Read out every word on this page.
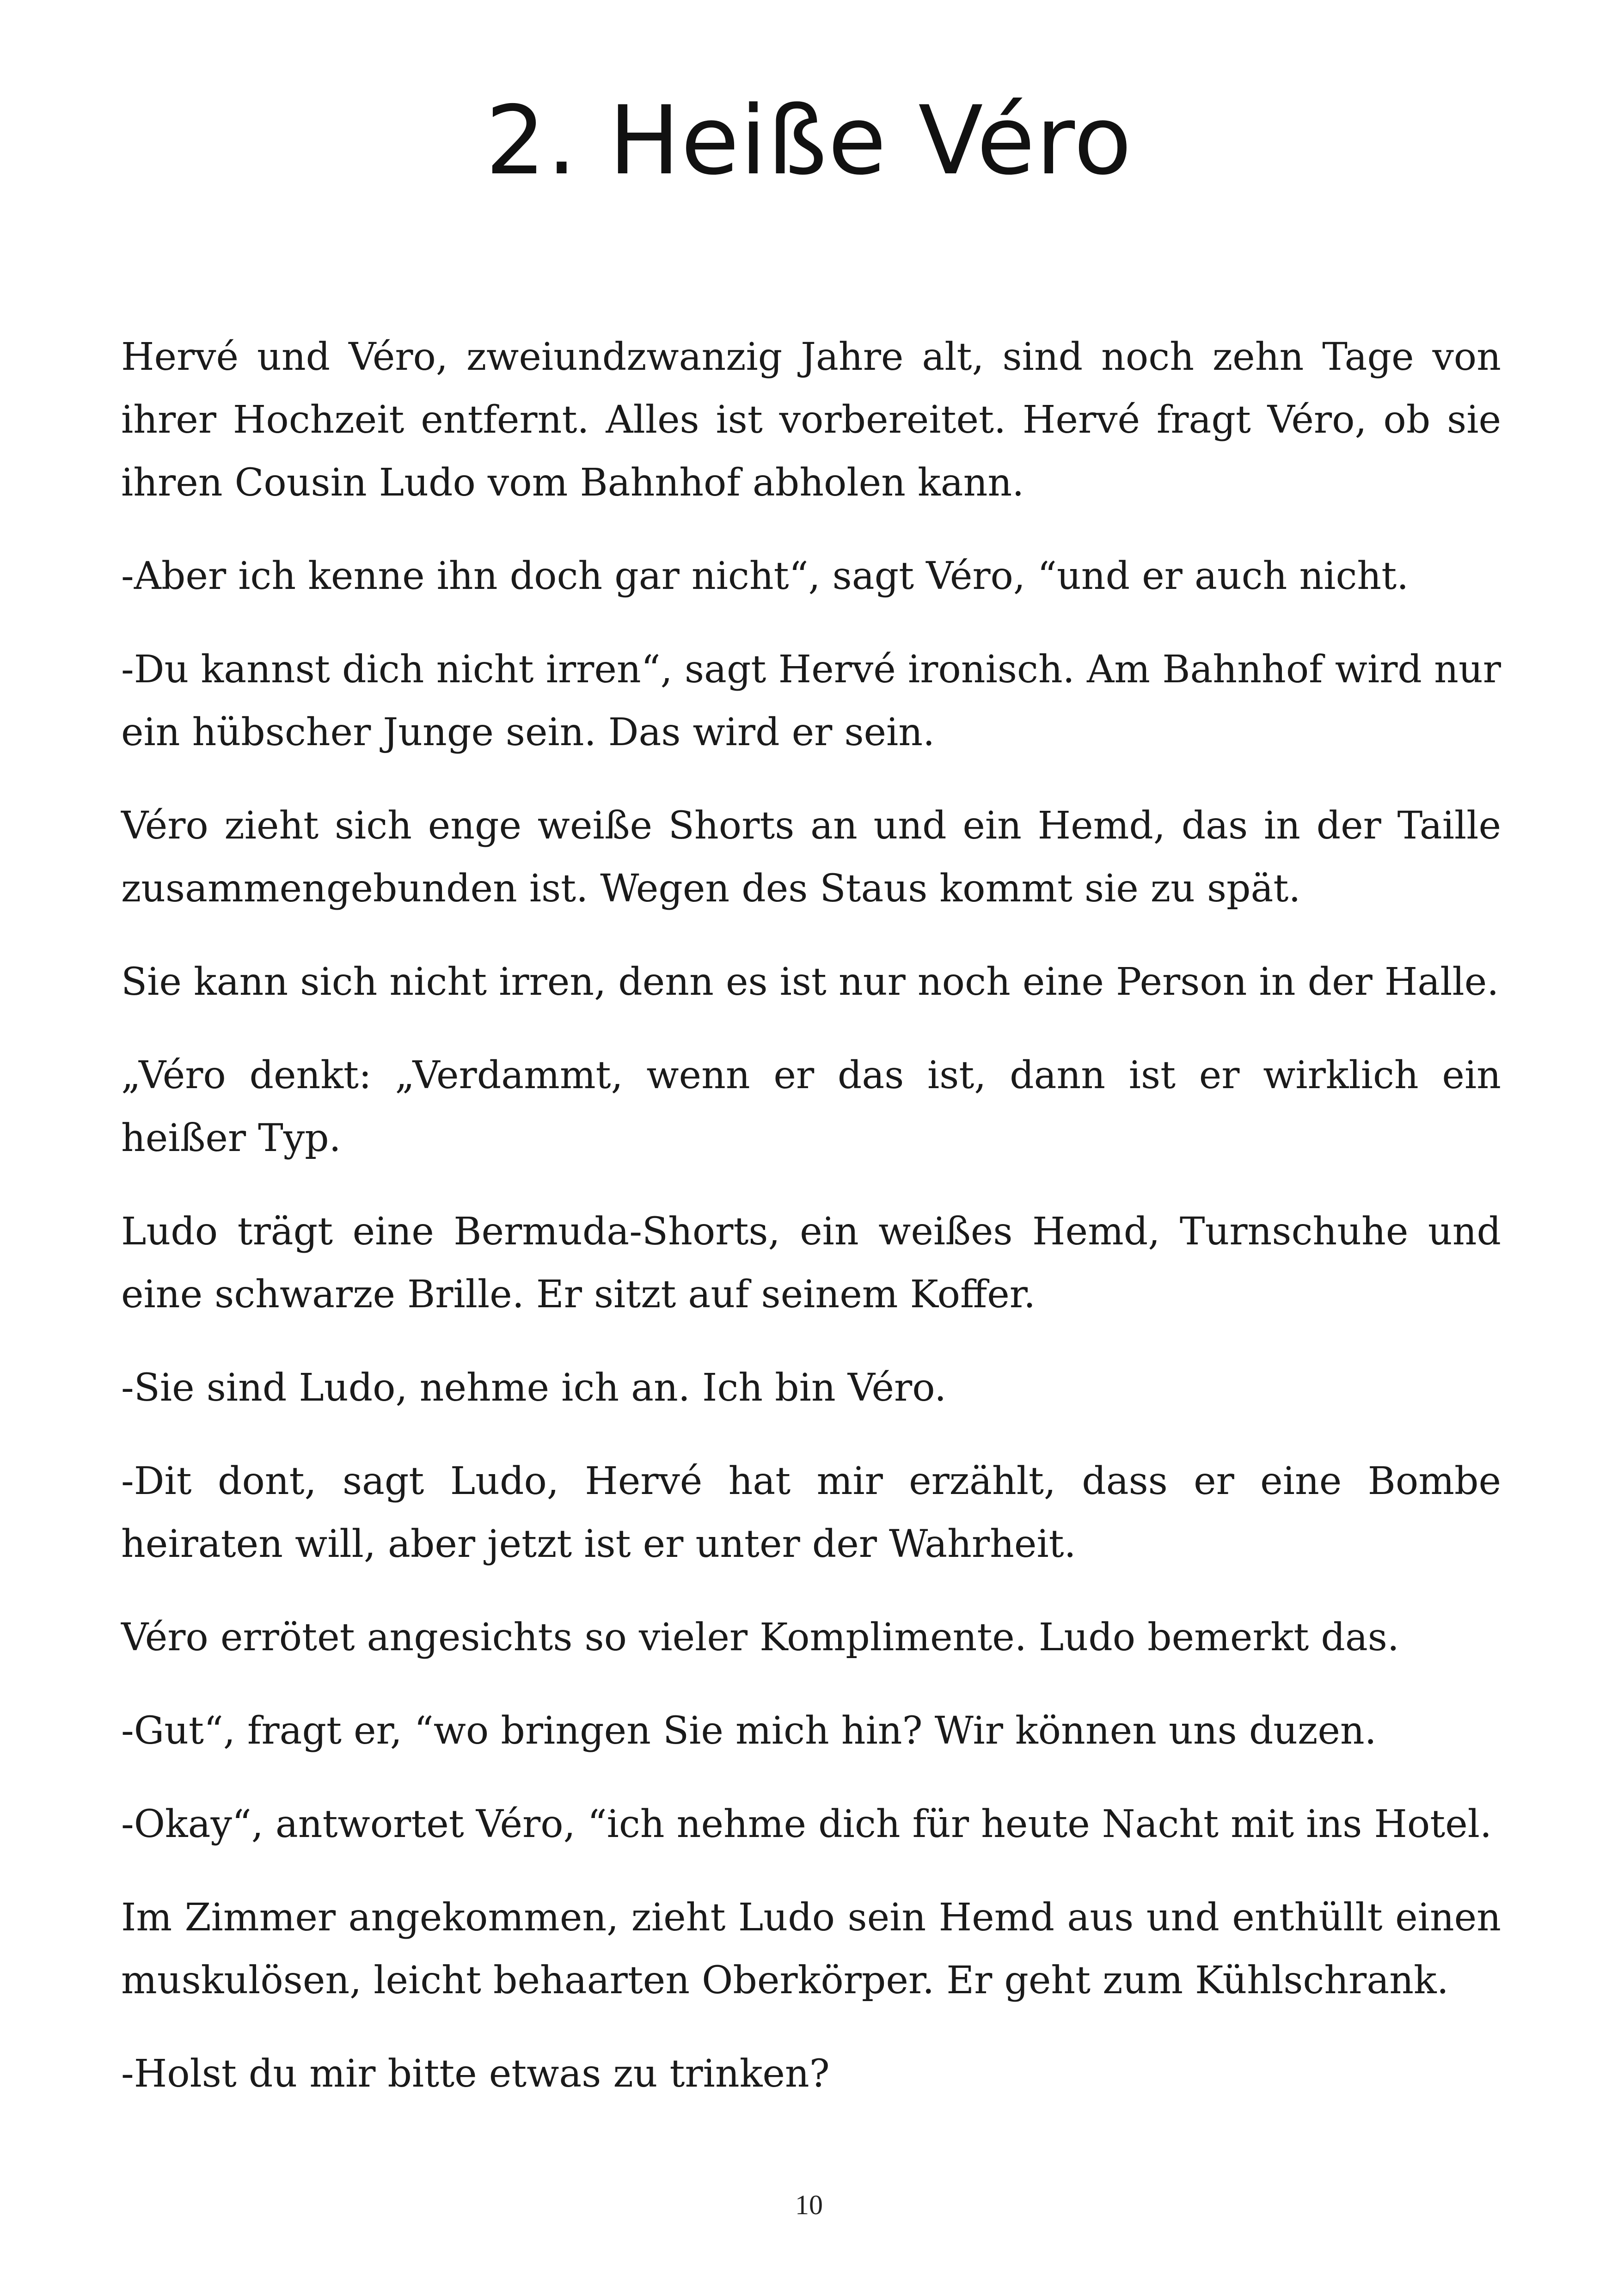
2. Heiße Véro

Hervé und Véro, zweiundzwanzig Jahre alt, sind noch zehn Tage von ihrer Hochzeit entfernt. Alles ist vorbereitet. Hervé fragt Véro, ob sie ihren Cousin Ludo vom Bahnhof abholen kann.

-Aber ich kenne ihn doch gar nicht“, sagt Véro, “und er auch nicht.

-Du kannst dich nicht irren“, sagt Hervé ironisch. Am Bahnhof wird nur ein hübscher Junge sein. Das wird er sein.

Véro zieht sich enge weiße Shorts an und ein Hemd, das in der Taille zusammengebunden ist. Wegen des Staus kommt sie zu spät.

Sie kann sich nicht irren, denn es ist nur noch eine Person in der Halle.

„Véro denkt: „Verdammt, wenn er das ist, dann ist er wirklich ein heißer Typ.

Ludo trägt eine Bermuda-Shorts, ein weißes Hemd, Turnschuhe und eine schwarze Brille. Er sitzt auf seinem Koffer.

-Sie sind Ludo, nehme ich an. Ich bin Véro.

-Dit dont, sagt Ludo, Hervé hat mir erzählt, dass er eine Bombe heiraten will, aber jetzt ist er unter der Wahrheit.

Véro errötet angesichts so vieler Komplimente. Ludo bemerkt das.

-Gut“, fragt er, “wo bringen Sie mich hin? Wir können uns duzen.

-Okay“, antwortet Véro, “ich nehme dich für heute Nacht mit ins Hotel.

Im Zimmer angekommen, zieht Ludo sein Hemd aus und enthüllt einen muskulösen, leicht behaarten Oberkörper. Er geht zum Kühlschrank.

-Holst du mir bitte etwas zu trinken?

10
